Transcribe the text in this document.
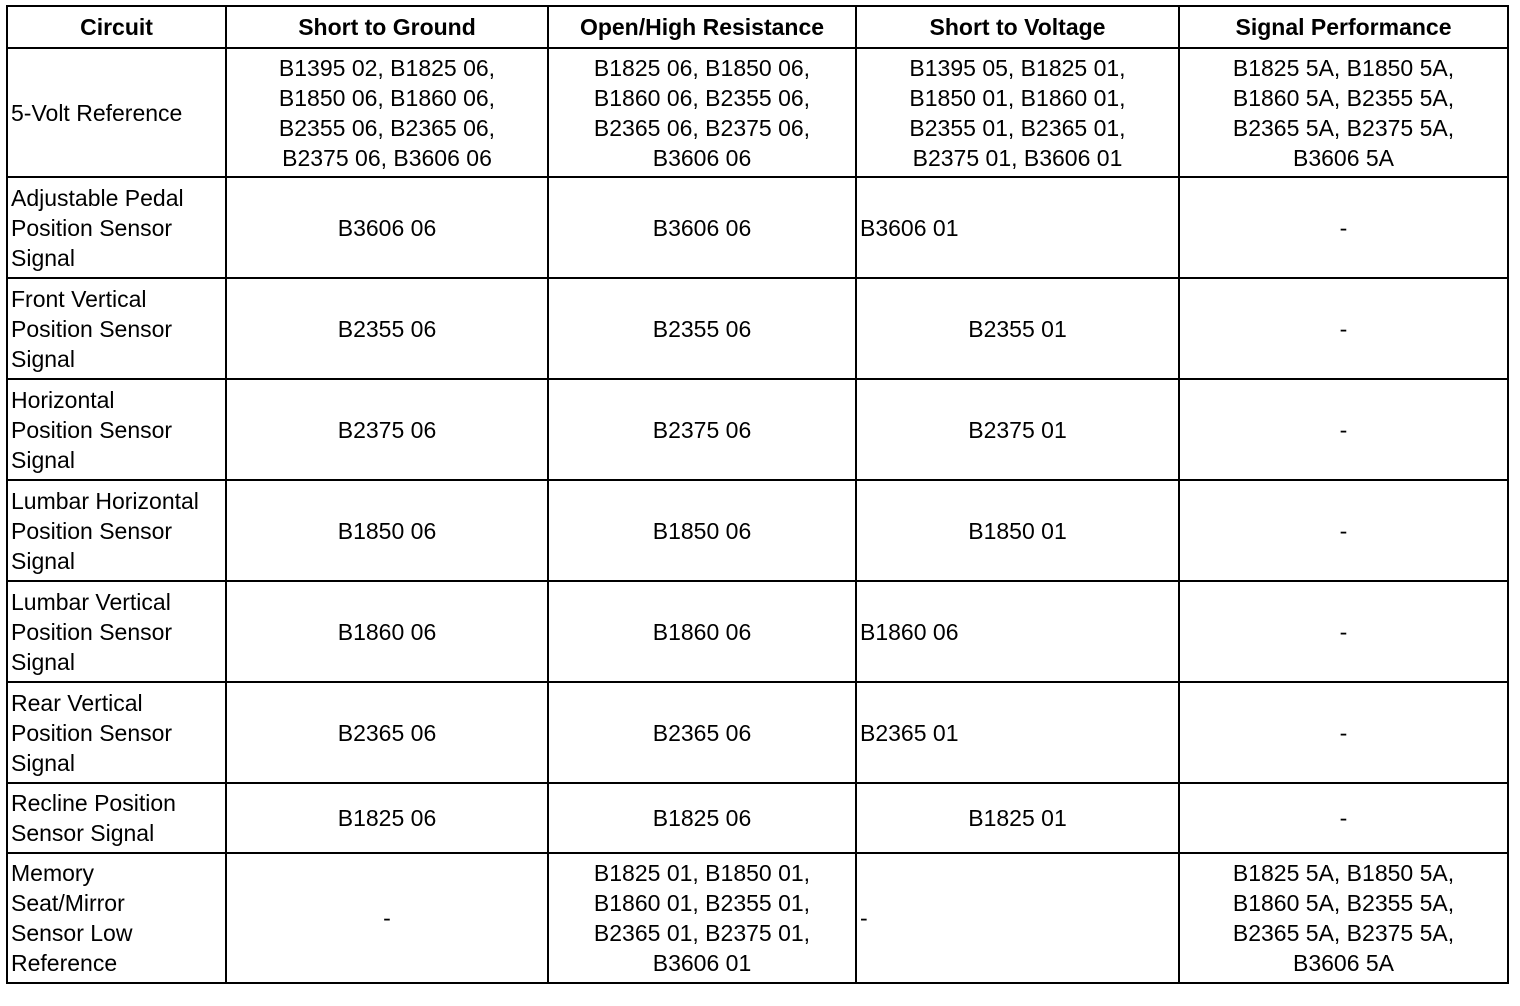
Circuit	Short to Ground	Open/High Resistance	Short to Voltage	Signal Performance
5-Volt Reference	B1395 02, B1825 06,
B1850 06, B1860 06,
B2355 06, B2365 06,
B2375 06, B3606 06	B1825 06, B1850 06,
B1860 06, B2355 06,
B2365 06, B2375 06,
B3606 06	B1395 05, B1825 01,
B1850 01, B1860 01,
B2355 01, B2365 01,
B2375 01, B3606 01	B1825 5A, B1850 5A,
B1860 5A, B2355 5A,
B2365 5A, B2375 5A,
B3606 5A
Adjustable Pedal
Position Sensor
Signal	B3606 06	B3606 06	B3606 01	-
Front Vertical
Position Sensor
Signal	B2355 06	B2355 06	B2355 01	-
Horizontal
Position Sensor
Signal	B2375 06	B2375 06	B2375 01	-
Lumbar Horizontal
Position Sensor
Signal	B1850 06	B1850 06	B1850 01	-
Lumbar Vertical
Position Sensor
Signal	B1860 06	B1860 06	B1860 06	-
Rear Vertical
Position Sensor
Signal	B2365 06	B2365 06	B2365 01	-
Recline Position
Sensor Signal	B1825 06	B1825 06	B1825 01	-
Memory
Seat/Mirror
Sensor Low
Reference	-	B1825 01, B1850 01,
B1860 01, B2355 01,
B2365 01, B2375 01,
B3606 01	-	B1825 5A, B1850 5A,
B1860 5A, B2355 5A,
B2365 5A, B2375 5A,
B3606 5A
